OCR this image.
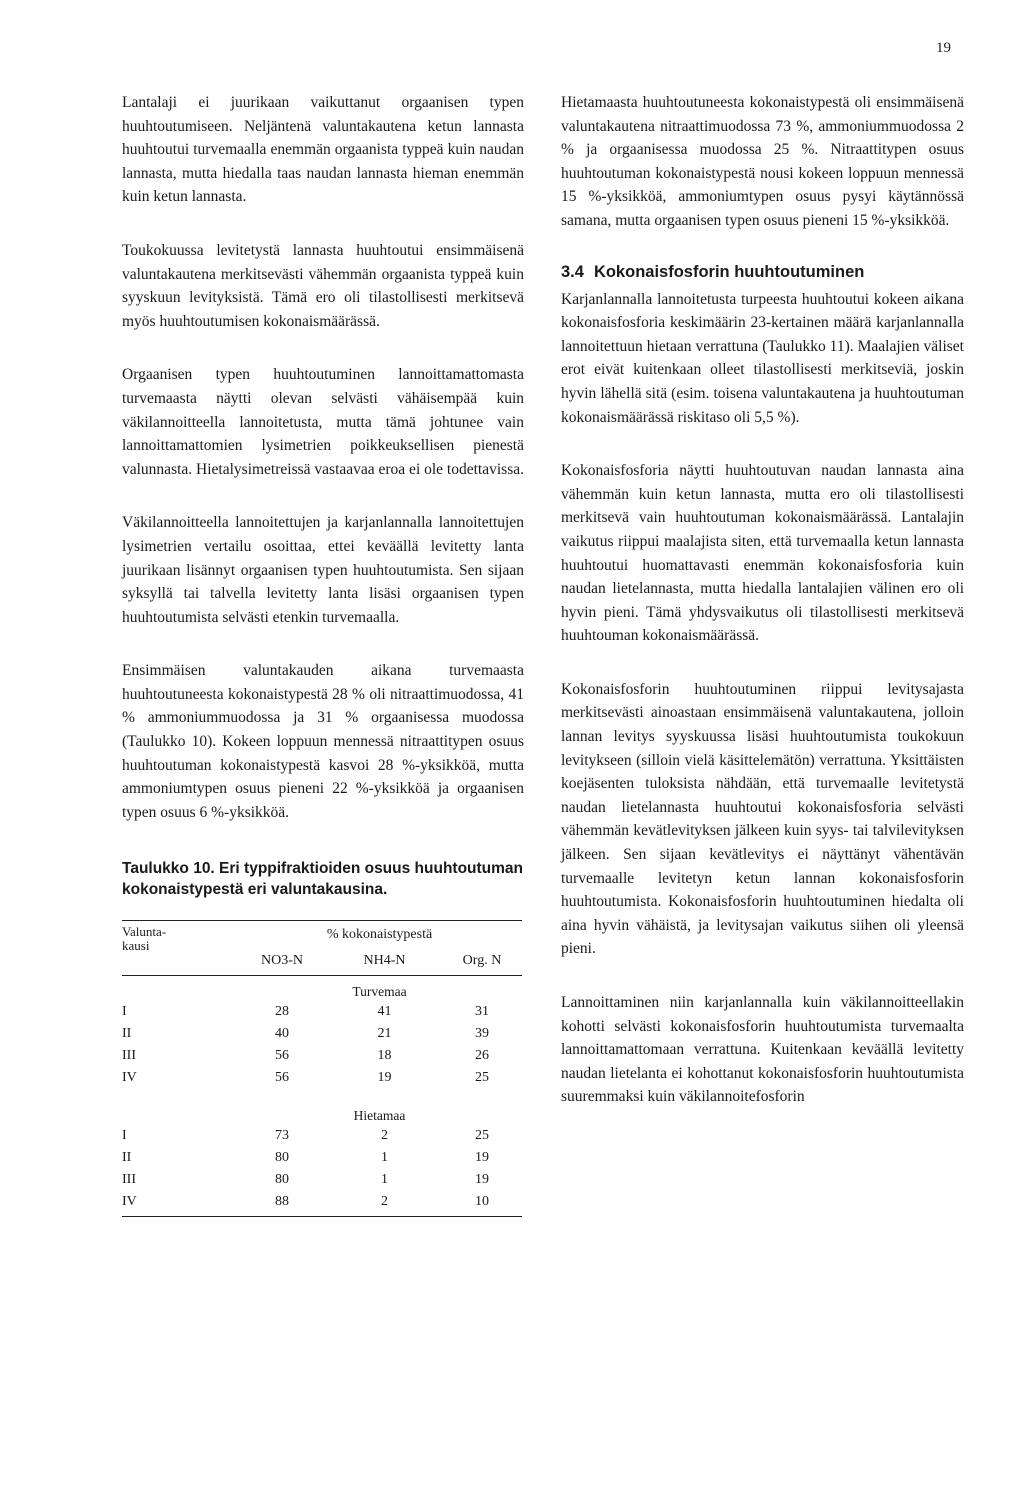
19

Lantalaji ei juurikaan vaikuttanut orgaanisen typen huuhtoutumiseen. Neljäntenä valuntakautena ketun lannasta huuhtoutui turvemaalla enemmän orgaanista typpeä kuin naudan lannasta, mutta hiedalla taas naudan lannasta hieman enemmän kuin ketun lannasta.

Toukokuussa levitetystä lannasta huuhtoutui ensimmäisenä valuntakautena merkitsevästi vähemmän orgaanista typpeä kuin syyskuun levityksistä. Tämä ero oli tilastollisesti merkitsevä myös huuhtoutumisen kokonaismäärässä.

Orgaanisen typen huuhtoutuminen lannoittamattomasta turvemaasta näytti olevan selvästi vähäisempää kuin väkilannoitteella lannoitetusta, mutta tämä johtunee vain lannoittamattomien lysimetrien poikkeuksellisen pienestä valunnasta. Hietalysimetreissä vastaavaa eroa ei ole todettavissa.

Väkilannoitteella lannoitettujen ja karjanlannalla lannoitettujen lysimetrien vertailu osoittaa, ettei keväällä levitetty lanta juurikaan lisännyt orgaanisen typen huuhtoutumista. Sen sijaan syksyllä tai talvella levitetty lanta lisäsi orgaanisen typen huuhtoutumista selvästi etenkin turvemaalla.

Ensimmäisen valuntakauden aikana turvemaasta huuhtoutuneesta kokonaistypestä 28 % oli nitraattimuodossa, 41 % ammoniummuodossa ja 31 % orgaanisessa muodossa (Taulukko 10). Kokeen loppuun mennessä nitraattitypen osuus huuhtoutuman kokonaistypestä kasvoi 28 %-yksikköä, mutta ammoniumtypen osuus pieneni 22 %-yksikköä ja orgaanisen typen osuus 6 %-yksikköä.

Taulukko 10. Eri typpifraktioiden osuus huuhtoutuman kokonaistypestä eri valuntakausina.
Valunta-
kausi	% kokonaistypestä		
	NO3-N	NH4-N	Org. N
	Turvemaa		
I	28	41	31
II	40	21	39
III	56	18	26
IV	56	19	25

	Hietamaa		
I	73	2	25
II	80	1	19
III	80	1	19
IV	88	2	10

Hietamaasta huuhtoutuneesta kokonaistypestä oli ensimmäisenä valuntakautena nitraattimuodossa 73 %, ammoniummuodossa 2 % ja orgaanisessa muodossa 25 %. Nitraattitypen osuus huuhtoutuman kokonaistypestä nousi kokeen loppuun mennessä 15 %-yksikköä, ammoniumtypen osuus pysyi käytännössä samana, mutta orgaanisen typen osuus pieneni 15 %-yksikköä.

3.4 Kokonaisfosforin huuhtoutuminen

Karjanlannalla lannoitetusta turpeesta huuhtoutui kokeen aikana kokonaisfosforia keskimäärin 23-kertainen määrä karjanlannalla lannoitettuun hietaan verrattuna (Taulukko 11). Maalajien väliset erot eivät kuitenkaan olleet tilastollisesti merkitseviä, joskin hyvin lähellä sitä (esim. toisena valuntakautena ja huuhtoutuman kokonaismäärässä riskitaso oli 5,5 %).

Kokonaisfosforia näytti huuhtoutuvan naudan lannasta aina vähemmän kuin ketun lannasta, mutta ero oli tilastollisesti merkitsevä vain huuhtoutuman kokonaismäärässä. Lantalajin vaikutus riippui maalajista siten, että turvemaalla ketun lannasta huuhtoutui huomattavasti enemmän kokonaisfosforia kuin naudan lietelannasta, mutta hiedalla lantalajien välinen ero oli hyvin pieni. Tämä yhdysvaikutus oli tilastollisesti merkitsevä huuhtouman kokonaismäärässä.

Kokonaisfosforin huuhtoutuminen riippui levitysajasta merkitsevästi ainoastaan ensimmäisenä valuntakautena, jolloin lannan levitys syyskuussa lisäsi huuhtoutumista toukokuun levitykseen (silloin vielä käsittelemätön) verrattuna. Yksittäisten koejäsenten tuloksista nähdään, että turvemaalle levitetystä naudan lietelannasta huuhtoutui kokonaisfosforia selvästi vähemmän kevätlevityksen jälkeen kuin syys- tai talvilevityksen jälkeen. Sen sijaan kevätlevitys ei näyttänyt vähentävän turvemaalle levitetyn ketun lannan kokonaisfosforin huuhtoutumista. Kokonaisfosforin huuhtoutuminen hiedalta oli aina hyvin vähäistä, ja levitysajan vaikutus siihen oli yleensä pieni.

Lannoittaminen niin karjanlannalla kuin väkilannoitteellakin kohotti selvästi kokonaisfosforin huuhtoutumista turvemaalta lannoittamattomaan verrattuna. Kuitenkaan keväällä levitetty naudan lietelanta ei kohottanut kokonaisfosforin huuhtoutumista suuremmaksi kuin väkilannoitefosforin
